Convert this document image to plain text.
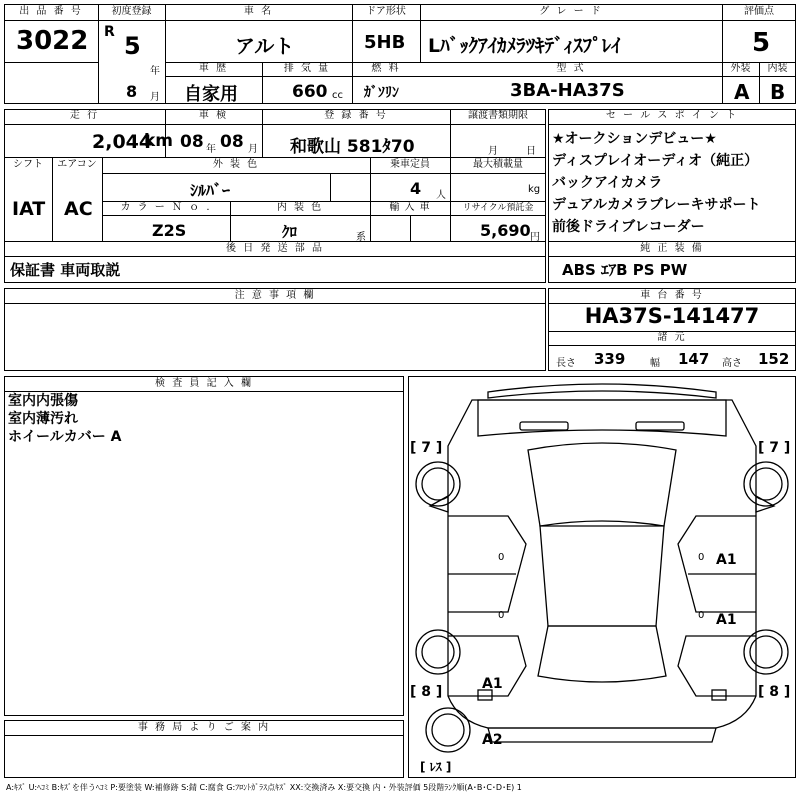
出 品 番 号
3022
初度登録
R 5
年
8 月
車 名
アルト
ドア形状
5HB
グ レ ー ド
Lﾊﾞｯｸｱｲｶﾒﾗﾂｷﾃﾞｨｽﾌﾟﾚｲ
評価点
5
車 歴
自家用
排 気 量
660 cc
燃 料
ｶﾞｿﾘﾝ
型 式
3BA-HA37S
外装
A
内装
B
走 行
2,044
km
車 検
08 年 08 月
登 録 番 号
和歌山 581ﾀ70
譲渡書類期限
月	日
シフト
IAT
エアコン
AC
外 装 色
ｼﾙﾊﾞｰ
乗車定員
4 人
最大積載量
kg
カ ラ ー Ｎ ｏ .
Z2S
内 装 色
ｸﾛ	系
輸 入 車	リサイクル預託金
5,690 円
後 日 発 送 部 品
保証書 車両取説
セ ー ル ス ポ イ ン ト
★オークションデビュー★
ディスプレイオーディオ（純正）
バックアイカメラ
デュアルカメラブレーキサポート
前後ドライブレコーダー
純 正 装 備
ABS ｴｱB PS PW
注 意 事 項 欄	車 台 番 号
HA37S-141477
諸 元
長さ 339 幅 147 高さ 152
検 査 員 記 入 欄
室内内張傷
室内薄汚れ
ホイールカバー A
事 務 局 よ り ご 案 内
[ 7 ]	[ 7 ]
[ 8 ]	[ 8 ]
[ ﾚｽ ]
A1
A1
A1
A2
0
0
0
0
A:ｷｽﾞ U:ﾍｺﾐ B:ｷｽﾞを伴うﾍｺﾐ P:要塗装 W:補修跡 S:錆 C:腐食 G:ﾌﾛﾝﾄｶﾞﾗｽ点ｷｽﾞ XX:交換済み X:要交換 内・外装評価 5段階ﾗﾝｸ順(A･B･C･D･E) 1
